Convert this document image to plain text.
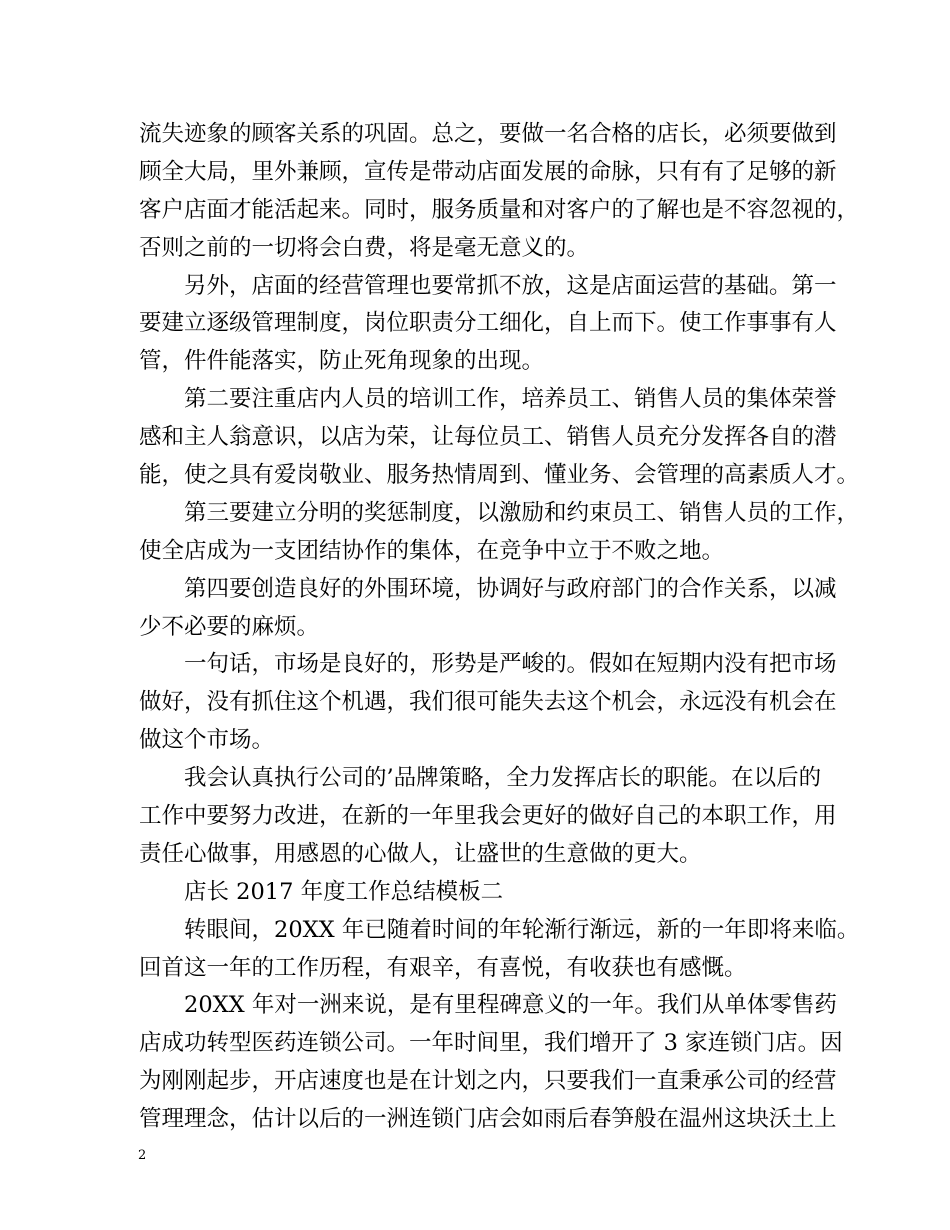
流失迹象的顾客关系的巩固。总之，要做一名合格的店长，必须要做到
顾全大局，里外兼顾，宣传是带动店面发展的命脉，只有有了足够的新
客户店面才能活起来。同时，服务质量和对客户的了解也是不容忽视的，
否则之前的一切将会白费，将是毫无意义的。
另外，店面的经营管理也要常抓不放，这是店面运营的基础。第一
要建立逐级管理制度，岗位职责分工细化，自上而下。使工作事事有人
管，件件能落实，防止死角现象的出现。
第二要注重店内人员的培训工作，培养员工、销售人员的集体荣誉
感和主人翁意识，以店为荣，让每位员工、销售人员充分发挥各自的潜
能，使之具有爱岗敬业、服务热情周到、懂业务、会管理的高素质人才。
第三要建立分明的奖惩制度，以激励和约束员工、销售人员的工作，
使全店成为一支团结协作的集体，在竞争中立于不败之地。
第四要创造良好的外围环境，协调好与政府部门的合作关系，以减
少不必要的麻烦。
一句话，市场是良好的，形势是严峻的。假如在短期内没有把市场
做好，没有抓住这个机遇，我们很可能失去这个机会，永远没有机会在
做这个市场。
我会认真执行公司的’品牌策略，全力发挥店长的职能。在以后的
工作中要努力改进，在新的一年里我会更好的做好自己的本职工作，用
责任心做事，用感恩的心做人，让盛世的生意做的更大。
店长 2017 年度工作总结模板二
转眼间，20XX 年已随着时间的年轮渐行渐远，新的一年即将来临。
回首这一年的工作历程，有艰辛，有喜悦，有收获也有感慨。
20XX 年对一洲来说，是有里程碑意义的一年。我们从单体零售药
店成功转型医药连锁公司。一年时间里，我们增开了 3 家连锁门店。因
为刚刚起步，开店速度也是在计划之内，只要我们一直秉承公司的经营
管理理念，估计以后的一洲连锁门店会如雨后春笋般在温州这块沃土上
2
